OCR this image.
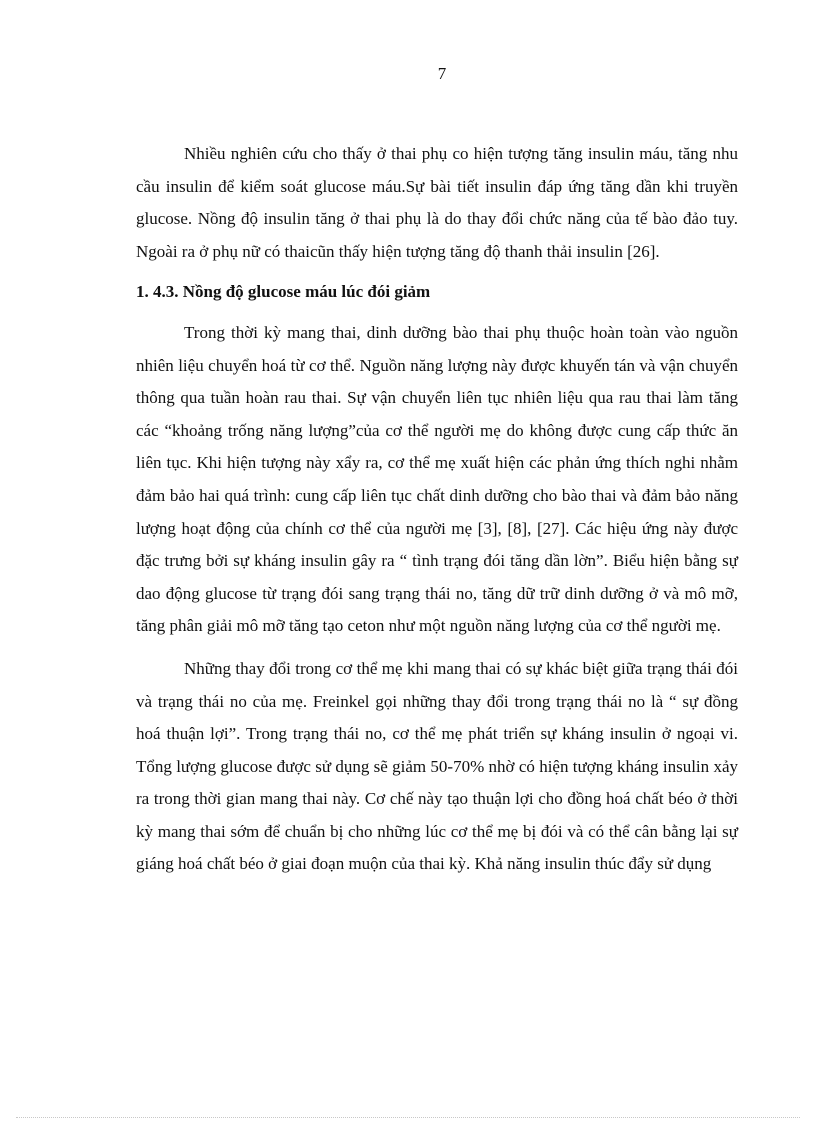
7

Nhiều nghiên cứu cho thấy ở thai phụ co hiện tượng tăng insulin máu, tăng nhu cầu insulin để kiểm soát glucose máu.Sự bài tiết insulin đáp ứng tăng dần khi truyền glucose. Nồng độ insulin tăng ở thai phụ là do thay đổi chức năng của tế bào đảo tuy. Ngoài ra ở phụ nữ có thaicũn thấy hiện tượng tăng độ thanh thải insulin [26].

1. 4.3. Nồng độ glucose máu lúc đói giảm

Trong thời kỳ mang thai, dinh dưỡng bào thai phụ thuộc hoàn toàn vào nguồn nhiên liệu chuyển hoá từ cơ thể. Nguồn năng lượng này được khuyến tán và vận chuyển thông qua tuần hoàn rau thai. Sự vận chuyển liên tục nhiên liệu qua rau thai làm tăng các “khoảng trống năng lượng”của cơ thể người mẹ do không được cung cấp thức ăn liên tục. Khi hiện tượng này xẩy ra, cơ thể mẹ xuất hiện các phản ứng thích nghi nhằm đảm bảo hai quá trình: cung cấp liên tục chất dinh dưỡng cho bào thai và đảm bảo năng lượng hoạt động của chính cơ thể của người mẹ [3], [8], [27]. Các hiệu ứng này được đặc trưng bởi sự kháng insulin gây ra “ tình trạng đói tăng dần lờn”. Biểu hiện bằng sự dao động glucose từ trạng đói sang trạng thái no, tăng dữ trữ dinh dưỡng ở và mô mỡ, tăng phân giải mô mỡ tăng tạo ceton như một nguồn năng lượng của cơ thể người mẹ.

Những thay đổi trong cơ thể mẹ khi mang thai có sự khác biệt giữa trạng thái đói và trạng thái no của mẹ. Freinkel gọi những thay đổi trong trạng thái no là “ sự đồng hoá thuận lợi”. Trong trạng thái no, cơ thể mẹ phát triển sự kháng insulin ở ngoại vi. Tổng lượng glucose được sử dụng sẽ giảm 50-70% nhờ có hiện tượng kháng insulin xảy ra trong thời gian mang thai này. Cơ chế này tạo thuận lợi cho đồng hoá chất béo ở thời kỳ mang thai sớm để chuẩn bị cho những lúc cơ thể mẹ bị đói và có thể cân bằng lại sự giáng hoá chất béo ở giai đoạn muộn của thai kỳ. Khả năng insulin thúc đẩy sử dụng
